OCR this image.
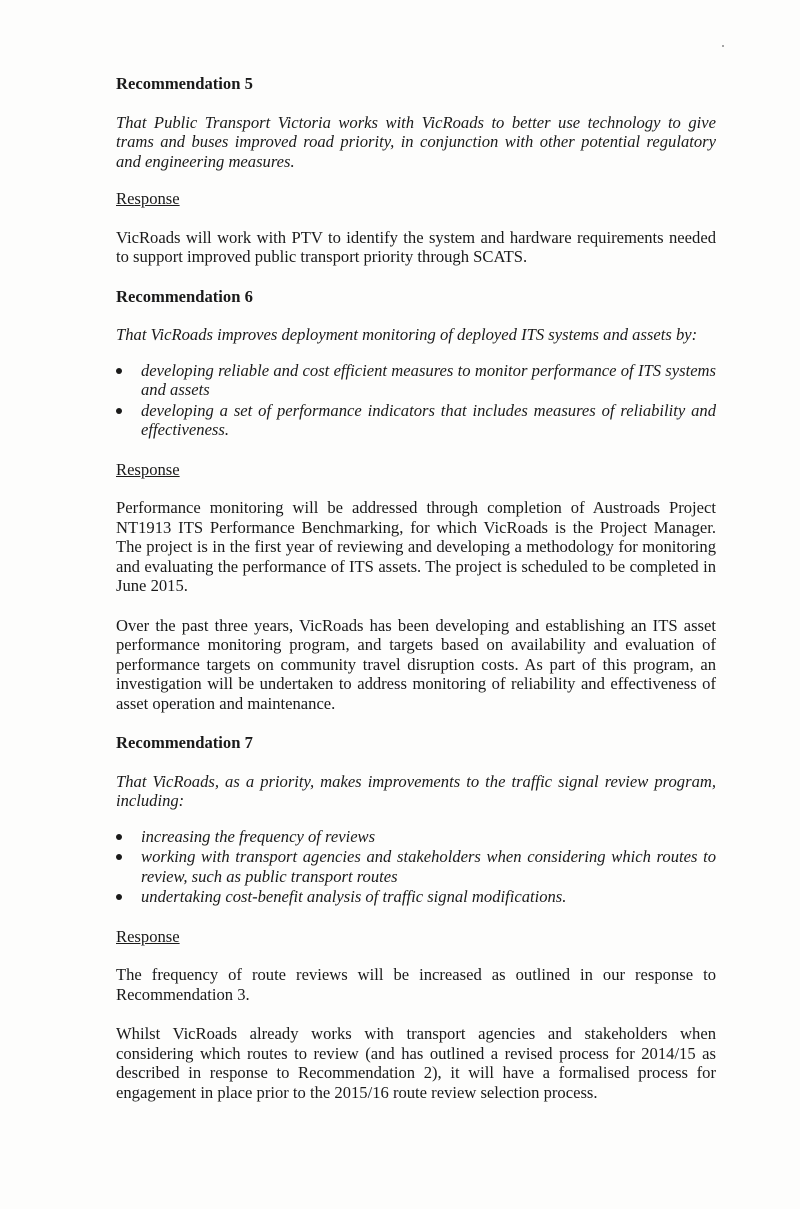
Recommendation 5

That Public Transport Victoria works with VicRoads to better use technology to give trams and buses improved road priority, in conjunction with other potential regulatory and engineering measures.

Response

VicRoads will work with PTV to identify the system and hardware requirements needed to support improved public transport priority through SCATS.

Recommendation 6

That VicRoads improves deployment monitoring of deployed ITS systems and assets by:

developing reliable and cost efficient measures to monitor performance of ITS systems and assets
developing a set of performance indicators that includes measures of reliability and effectiveness.

Response

Performance monitoring will be addressed through completion of Austroads Project NT1913 ITS Performance Benchmarking, for which VicRoads is the Project Manager. The project is in the first year of reviewing and developing a methodology for monitoring and evaluating the performance of ITS assets. The project is scheduled to be completed in June 2015.

Over the past three years, VicRoads has been developing and establishing an ITS asset performance monitoring program, and targets based on availability and evaluation of performance targets on community travel disruption costs. As part of this program, an investigation will be undertaken to address monitoring of reliability and effectiveness of asset operation and maintenance.

Recommendation 7

That VicRoads, as a priority, makes improvements to the traffic signal review program, including:

increasing the frequency of reviews
working with transport agencies and stakeholders when considering which routes to review, such as public transport routes
undertaking cost-benefit analysis of traffic signal modifications.

Response

The frequency of route reviews will be increased as outlined in our response to Recommendation 3.

Whilst VicRoads already works with transport agencies and stakeholders when considering which routes to review (and has outlined a revised process for 2014/15 as described in response to Recommendation 2), it will have a formalised process for engagement in place prior to the 2015/16 route review selection process.
